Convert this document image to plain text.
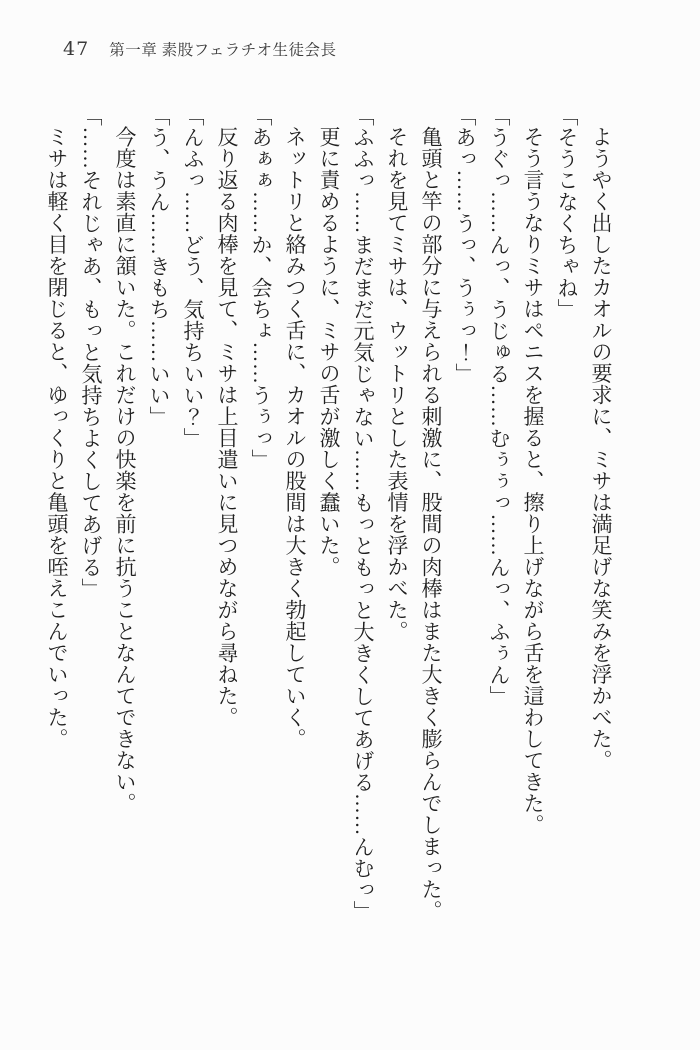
47 第一章 素股フェラチオ生徒会長

ようやく出したカオルの要求に、ミサは満足げな笑みを浮かべた。

「そうこなくちゃね」

そう言うなりミサはペニスを握ると、擦り上げながら舌を這わしてきた。

「うぐっ……んっ、うじゅる……むぅぅっ……んっ、ふぅん」

「あっ……うっ、うぅっ！」

亀頭と竿の部分に与えられる刺激に、股間の肉棒はまた大きく膨らんでしまった。

それを見てミサは、ウットリとした表情を浮かべた。

「ふふっ……まだまだ元気じゃない……もっともっと大きくしてあげる……んむっ」

更に責めるように、ミサの舌が激しく蠢いた。

ネットリと絡みつく舌に、カオルの股間は大きく勃起していく。

「あぁぁ……か、会ちょ……うぅっ」

反り返る肉棒を見て、ミサは上目遣いに見つめながら尋ねた。

「んふっ……どう、気持ちいい？」

「う、うん……きもち……いい」

今度は素直に頷いた。これだけの快楽を前に抗うことなんてできない。

「……それじゃあ、もっと気持ちよくしてあげる」

ミサは軽く目を閉じると、ゆっくりと亀頭を咥えこんでいった。
